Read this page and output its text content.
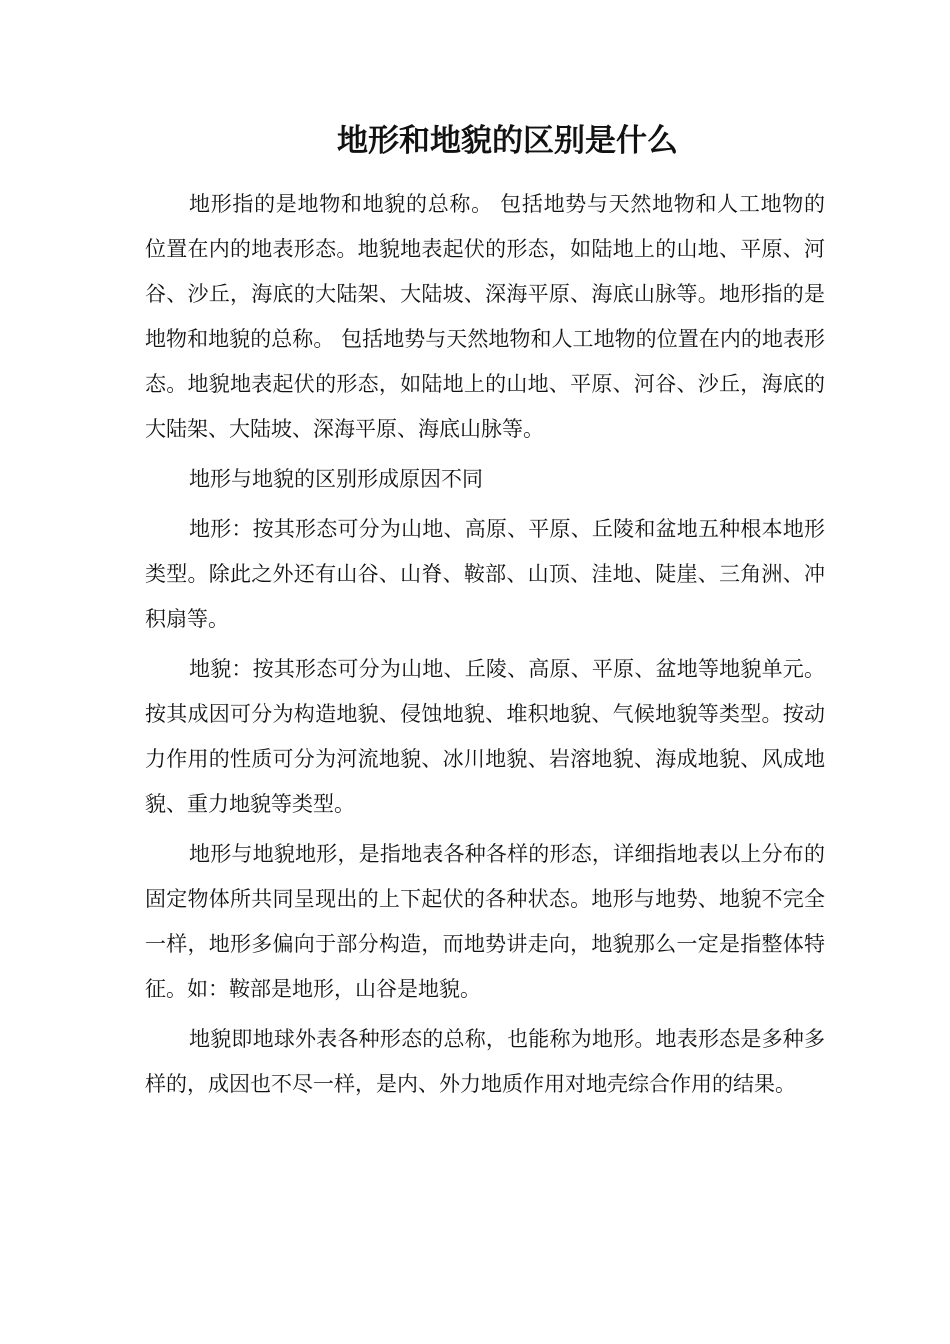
地形和地貌的区别是什么

地形指的是地物和地貌的总称。 包括地势与天然地物和人工地物的位置在内的地表形态。地貌地表起伏的形态，如陆地上的山地、平原、河谷、沙丘，海底的大陆架、大陆坡、深海平原、海底山脉等。地形指的是地物和地貌的总称。 包括地势与天然地物和人工地物的位置在内的地表形态。地貌地表起伏的形态，如陆地上的山地、平原、河谷、沙丘，海底的大陆架、大陆坡、深海平原、海底山脉等。

地形与地貌的区别形成原因不同

地形：按其形态可分为山地、高原、平原、丘陵和盆地五种根本地形类型。除此之外还有山谷、山脊、鞍部、山顶、洼地、陡崖、三角洲、冲积扇等。

地貌：按其形态可分为山地、丘陵、高原、平原、盆地等地貌单元。按其成因可分为构造地貌、侵蚀地貌、堆积地貌、气候地貌等类型。按动力作用的性质可分为河流地貌、冰川地貌、岩溶地貌、海成地貌、风成地貌、重力地貌等类型。

地形与地貌地形，是指地表各种各样的形态，详细指地表以上分布的固定物体所共同呈现出的上下起伏的各种状态。地形与地势、地貌不完全一样，地形多偏向于部分构造，而地势讲走向，地貌那么一定是指整体特征。如：鞍部是地形，山谷是地貌。

地貌即地球外表各种形态的总称，也能称为地形。地表形态是多种多样的，成因也不尽一样，是内、外力地质作用对地壳综合作用的结果。
